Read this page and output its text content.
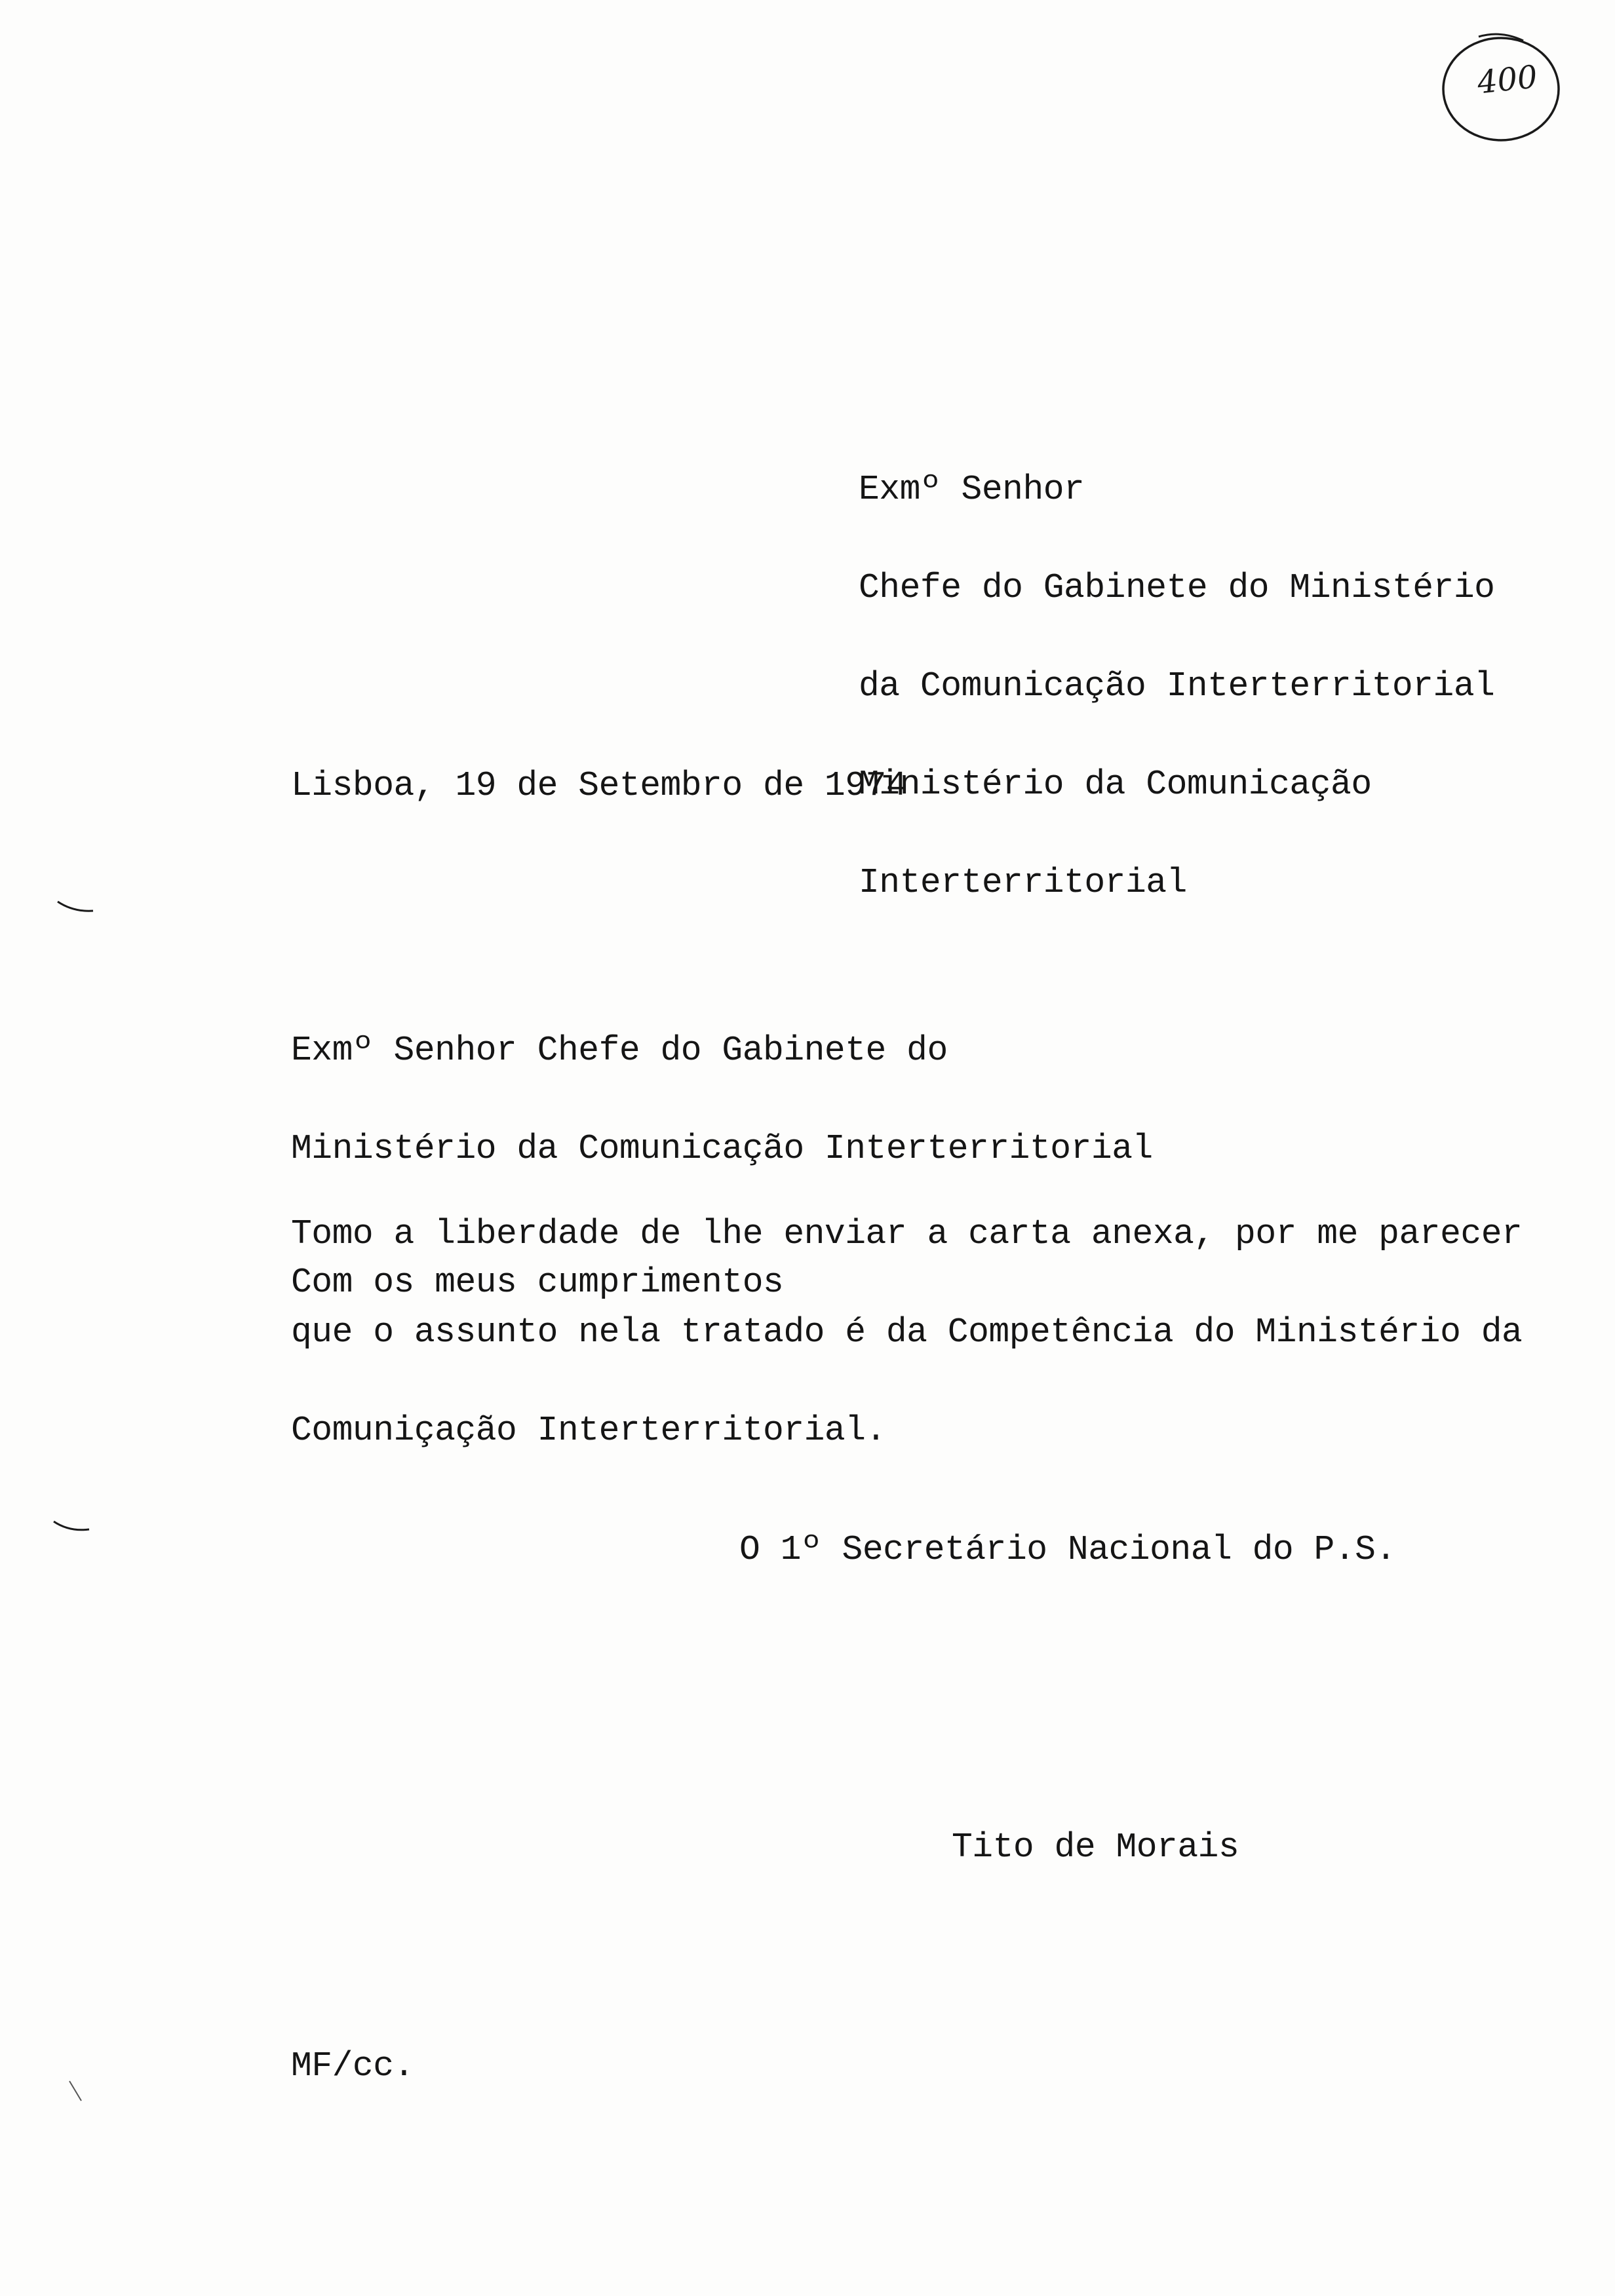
400

Exmº Senhor

Chefe do Gabinete do Ministério

da Comunicação Interterritorial

Ministério da Comunicação

Interterritorial

Lisboa, 19 de Setembro de 1974

Exmº Senhor Chefe do Gabinete do

Ministério da Comunicação Interterritorial

Tomo a liberdade de lhe enviar a carta anexa, por me parecer

que o assunto nela tratado é da Competência do Ministério da

Comuniçação Interterritorial.

Com os meus cumprimentos
O 1º Secretário Nacional do P.S.
Tito de Morais
MF/cc.
